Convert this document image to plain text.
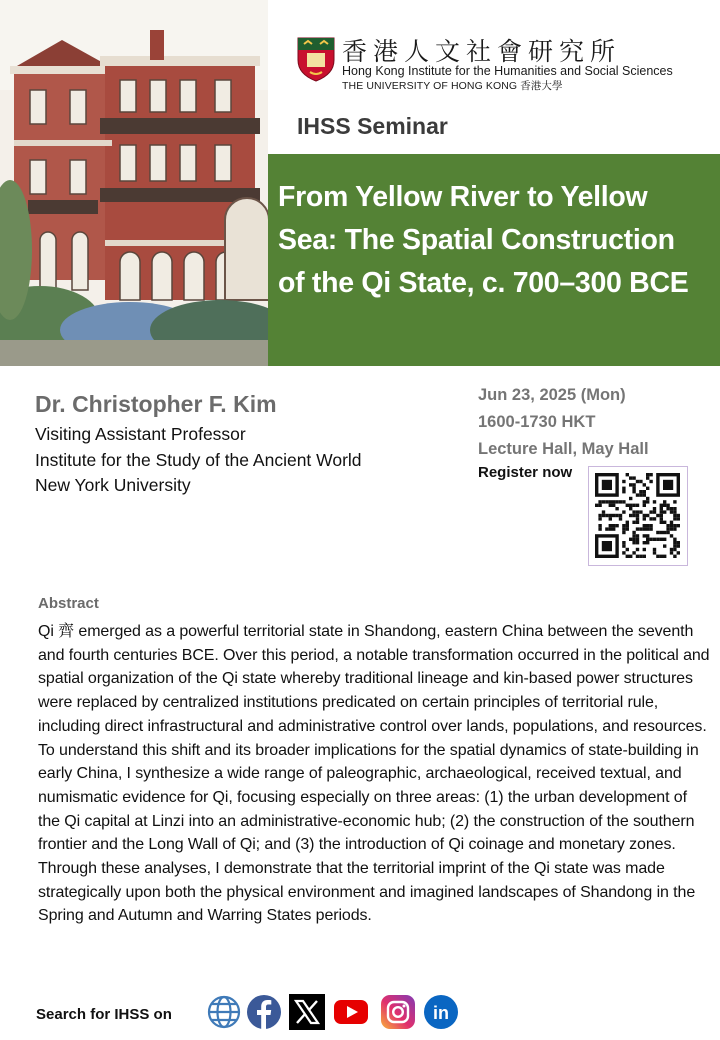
香港人文社會研究所
Hong Kong Institute for the Humanities and Social Sciences
THE UNIVERSITY OF HONG KONG 香港大學
IHSS Seminar
From Yellow River to Yellow
Sea: The Spatial Construction
of the Qi State, c. 700–300 BCE
Dr. Christopher F. Kim
Visiting Assistant Professor
Institute for the Study of the Ancient World
New York University
Jun 23, 2025 (Mon)
1600-1730 HKT
Lecture Hall, May Hall
Register now
Abstract
Qi 齊 emerged as a powerful territorial state in Shandong, eastern China between the seventh and fourth centuries BCE. Over this period, a notable transformation occurred in the political and spatial organization of the Qi state whereby traditional lineage and kin-based power structures were replaced by centralized institutions predicated on certain principles of territorial rule, including direct infrastructural and administrative control over lands, populations, and resources. To understand this shift and its broader implications for the spatial dynamics of state-building in early China, I synthesize a wide range of paleographic, archaeological, received textual, and numismatic evidence for Qi, focusing especially on three areas: (1) the urban development of the Qi capital at Linzi into an administrative-economic hub; (2) the construction of the southern frontier and the Long Wall of Qi; and (3) the introduction of Qi coinage and monetary zones. Through these analyses, I demonstrate that the territorial imprint of the Qi state was made strategically upon both the physical environment and imagined landscapes of Shandong in the Spring and Autumn and Warring States periods.
Search for IHSS on	in
